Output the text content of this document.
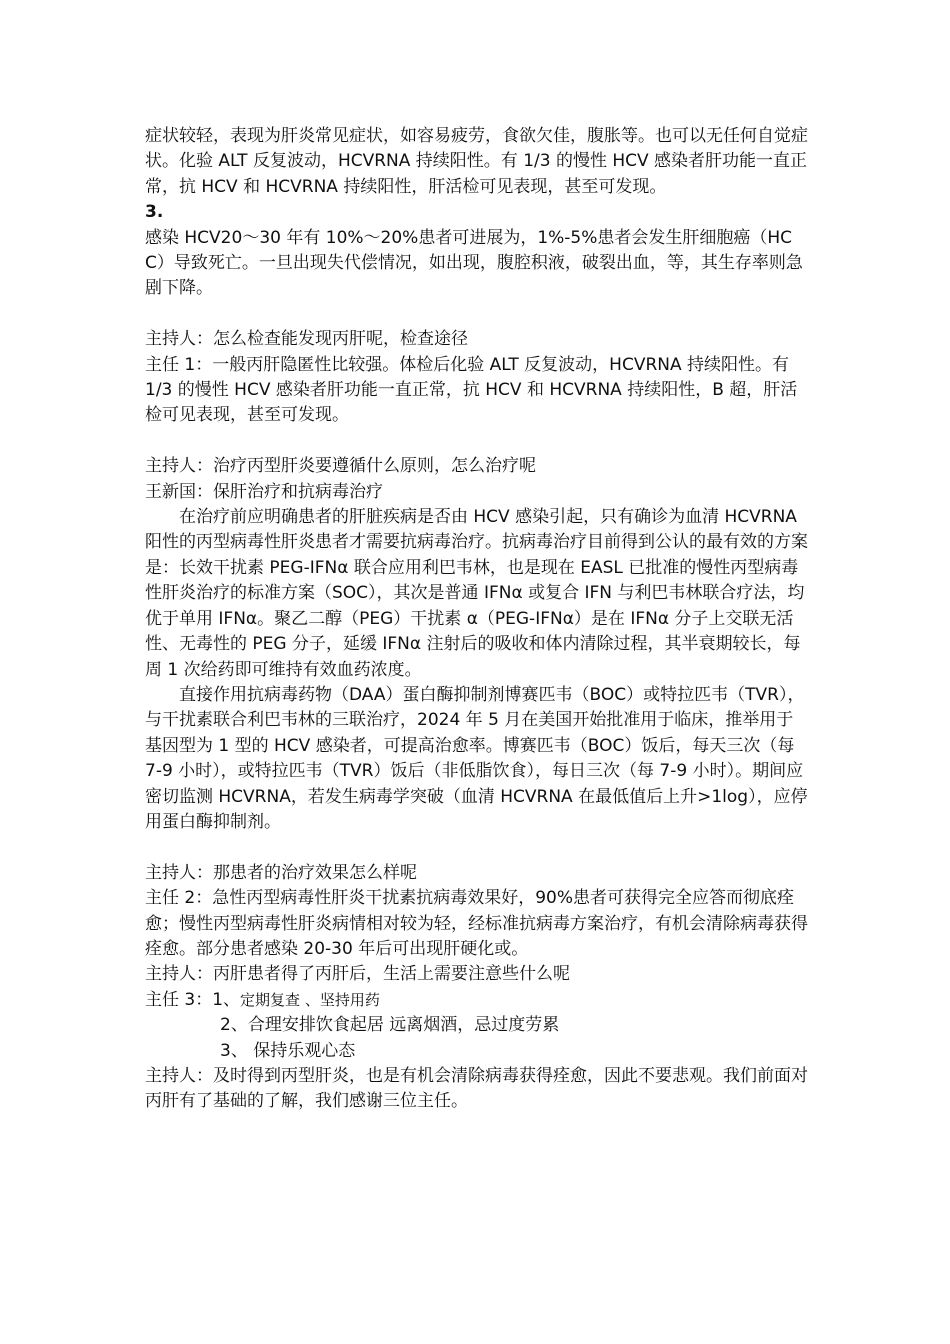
症状较轻，表现为肝炎常见症状，如容易疲劳，食欲欠佳，腹胀等。也可以无任何自觉症状。化验 ALT 反复波动，HCVRNA 持续阳性。有 1/3 的慢性 HCV 感染者肝功能一直正常，抗 HCV 和 HCVRNA 持续阳性，肝活检可见表现，甚至可发现。

3.

感染 HCV20～30 年有 10%～20%患者可进展为，1%-5%患者会发生肝细胞癌（HCC）导致死亡。一旦出现失代偿情况，如出现，腹腔积液，破裂出血，等，其生存率则急剧下降。

主持人：怎么检查能发现丙肝呢，检查途径

主任 1：一般丙肝隐匿性比较强。体检后化验 ALT 反复波动，HCVRNA 持续阳性。有 1/3 的慢性 HCV 感染者肝功能一直正常，抗 HCV 和 HCVRNA 持续阳性，B 超，肝活检可见表现，甚至可发现。

主持人：治疗丙型肝炎要遵循什么原则，怎么治疗呢

王新国：保肝治疗和抗病毒治疗

在治疗前应明确患者的肝脏疾病是否由 HCV 感染引起，只有确诊为血清 HCVRNA 阳性的丙型病毒性肝炎患者才需要抗病毒治疗。抗病毒治疗目前得到公认的最有效的方案是：长效干扰素 PEG-IFNα 联合应用利巴韦林，也是现在 EASL 已批准的慢性丙型病毒性肝炎治疗的标准方案（SOC），其次是普通 IFNα 或复合 IFN 与利巴韦林联合疗法，均优于单用 IFNα。聚乙二醇（PEG）干扰素 α（PEG-IFNα）是在 IFNα 分子上交联无活性、无毒性的 PEG 分子，延缓 IFNα 注射后的吸收和体内清除过程，其半衰期较长，每周 1 次给药即可维持有效血药浓度。

直接作用抗病毒药物（DAA）蛋白酶抑制剂博赛匹韦（BOC）或特拉匹韦（TVR），与干扰素联合利巴韦林的三联治疗，2024 年 5 月在美国开始批准用于临床，推举用于基因型为 1 型的 HCV 感染者，可提高治愈率。博赛匹韦（BOC）饭后，每天三次（每 7-9 小时），或特拉匹韦（TVR）饭后（非低脂饮食），每日三次（每 7-9 小时）。期间应密切监测 HCVRNA，若发生病毒学突破（血清 HCVRNA 在最低值后上升>1log），应停用蛋白酶抑制剂。

主持人：那患者的治疗效果怎么样呢

主任 2：急性丙型病毒性肝炎干扰素抗病毒效果好，90%患者可获得完全应答而彻底痊愈；慢性丙型病毒性肝炎病情相对较为轻，经标准抗病毒方案治疗，有机会清除病毒获得痊愈。部分患者感染 20-30 年后可出现肝硬化或。

主持人：丙肝患者得了丙肝后，生活上需要注意些什么呢

主任 3：1、定期复查 、坚持用药

2、合理安排饮食起居 远离烟酒，忌过度劳累

3、 保持乐观心态

主持人：及时得到丙型肝炎，也是有机会清除病毒获得痊愈，因此不要悲观。我们前面对丙肝有了基础的了解，我们感谢三位主任。
